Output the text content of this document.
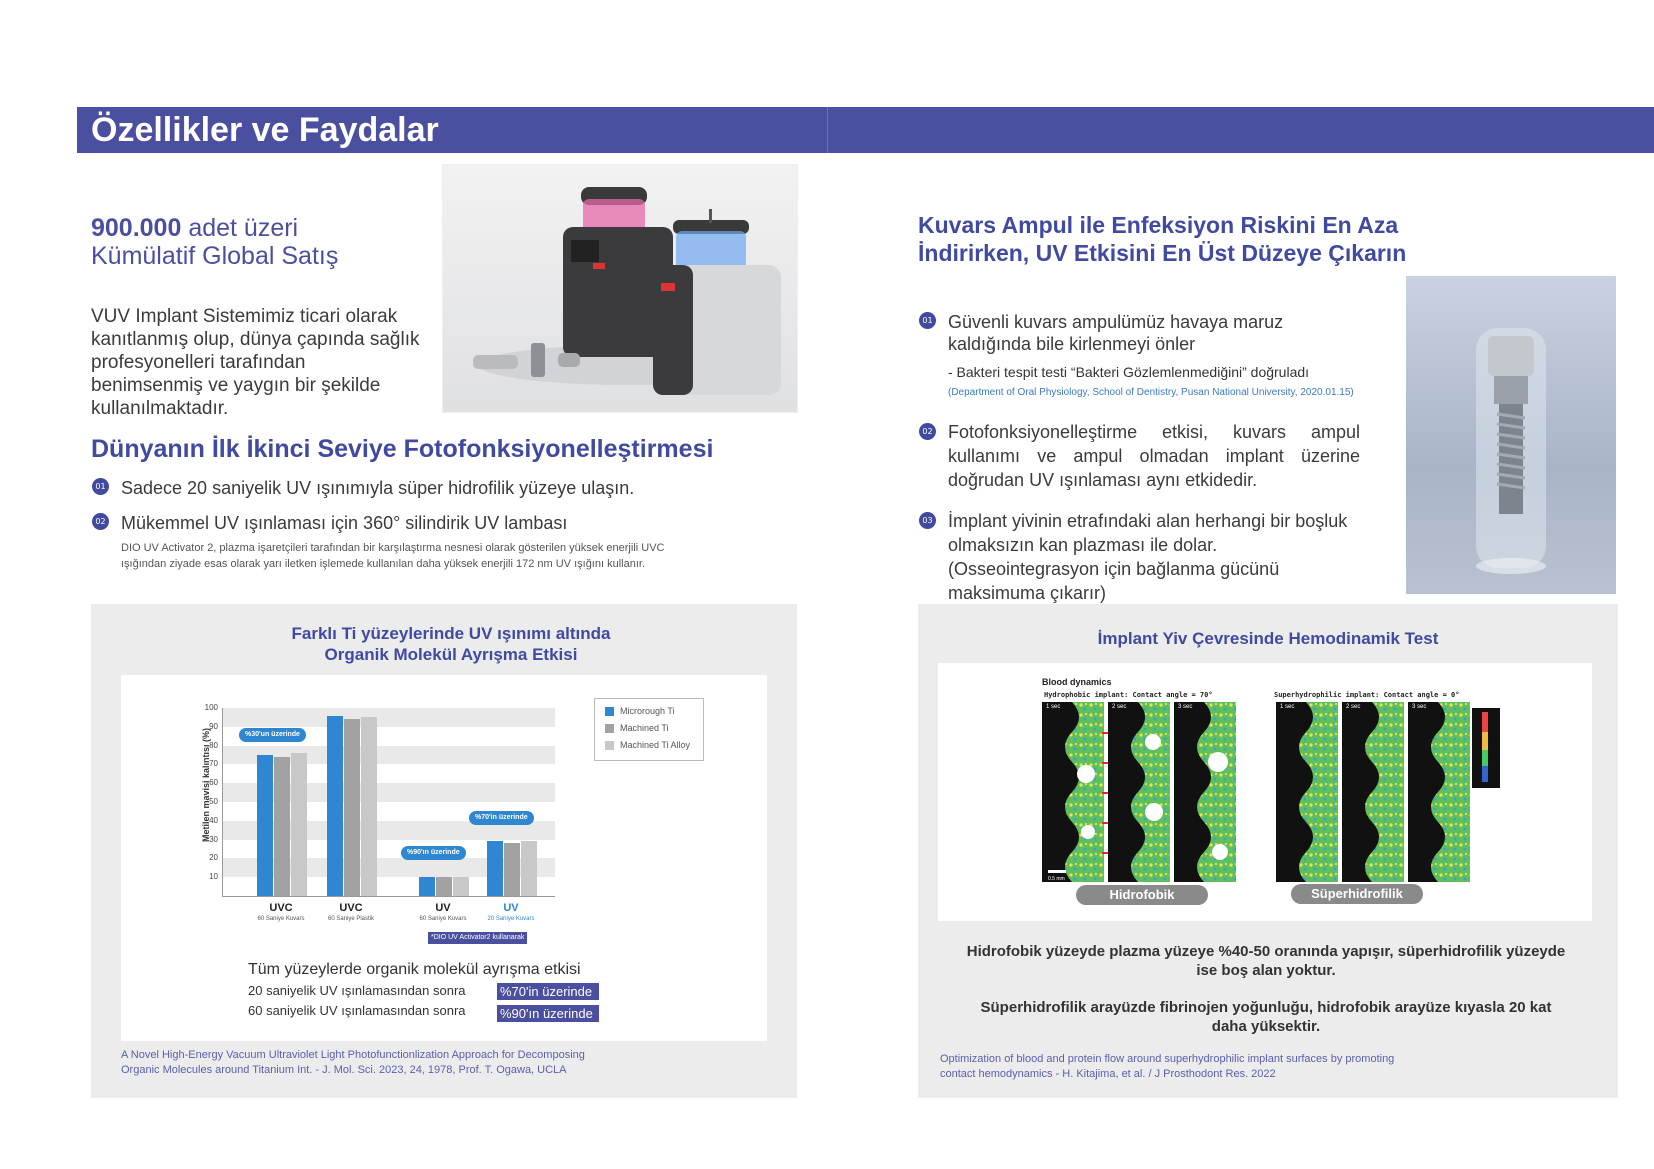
Özellikler ve Faydalar
900.000 adet üzeri
Kümülatif Global Satış
VUV Implant Sistemimiz ticari olarak kanıtlanmış olup, dünya çapında sağlık profesyonelleri tarafından benimsenmiş ve yaygın bir şekilde kullanılmaktadır.
Dünyanın İlk İkinci Seviye Fotofonksiyonelleştirmesi
01 Sadece 20 saniyelik UV ışınımıyla süper hidrofilik yüzeye ulaşın.
02 Mükemmel UV ışınlaması için 360° silindirik UV lambası
DIO UV Activator 2, plazma işaretçileri tarafından bir karşılaştırma nesnesi olarak gösterilen yüksek enerjili UVC ışığından ziyade esas olarak yarı iletken işlemede kullanılan daha yüksek enerjili 172 nm UV ışığını kullanır.
Farklı Ti yüzeylerinde UV ışınımı altında
Organik Molekül Ayrışma Etkisi
Metilen mavisi kalıntısı (%)	%30'un üzerinde
%90'ın üzerinde
%70'in üzerinde
10
20
30
40
50
60
70
80
90
100
UVC
60 Saniye Kuvars
UVC
60 Saniye Plastik
UV
60 Saniye Kuvars
UV
20 Saniye Kuvars
*DIO UV Activator2 kullanarak
Microrough Ti
Machined Ti
Machined Ti Alloy
Tüm yüzeylerde organik molekül ayrışma etkisi
20 saniyelik UV ışınlamasından sonra	%70'in üzerinde
60 saniyelik UV ışınlamasından sonra	%90'ın üzerinde
A Novel High-Energy Vacuum Ultraviolet Light Photofunctionlization Approach for Decomposing Organic Molecules around Titanium Int. - J. Mol. Sci. 2023, 24, 1978, Prof. T. Ogawa, UCLA
Kuvars Ampul ile Enfeksiyon Riskini En Aza
İndirirken, UV Etkisini En Üst Düzeye Çıkarın
01 Güvenli kuvars ampulümüz havaya maruz kaldığında bile kirlenmeyi önler
- Bakteri tespit testi “Bakteri Gözlemlenmediğini” doğruladı
(Department of Oral Physiology, School of Dentistry, Pusan National University, 2020.01.15)
02 Fotofonksiyonelleştirme etkisi, kuvars ampul kullanımı ve ampul olmadan implant üzerine doğrudan UV ışınlaması aynı etkidedir.
03 İmplant yivinin etrafındaki alan herhangi bir boşluk olmaksızın kan plazması ile dolar. (Osseointegrasyon için bağlanma gücünü maksimuma çıkarır)
İmplant Yiv Çevresinde Hemodinamik Test
Blood dynamics
Hydrophobic implant: Contact angle = 70°	Superhydrophilic implant: Contact angle = 0°
1 sec	2 sec	3 sec	1 sec	2 sec	3 sec
0.5 mm
Hidrofobik	Süperhidrofilik
Hidrofobik yüzeyde plazma yüzeye %40-50 oranında yapışır, süperhidrofilik yüzeyde ise boş alan yoktur.
Süperhidrofilik arayüzde fibrinojen yoğunluğu, hidrofobik arayüze kıyasla 20 kat daha yüksektir.
Optimization of blood and protein flow around superhydrophilic implant surfaces by promoting contact hemodynamics - H. Kitajima, et al. / J Prosthodont Res. 2022
